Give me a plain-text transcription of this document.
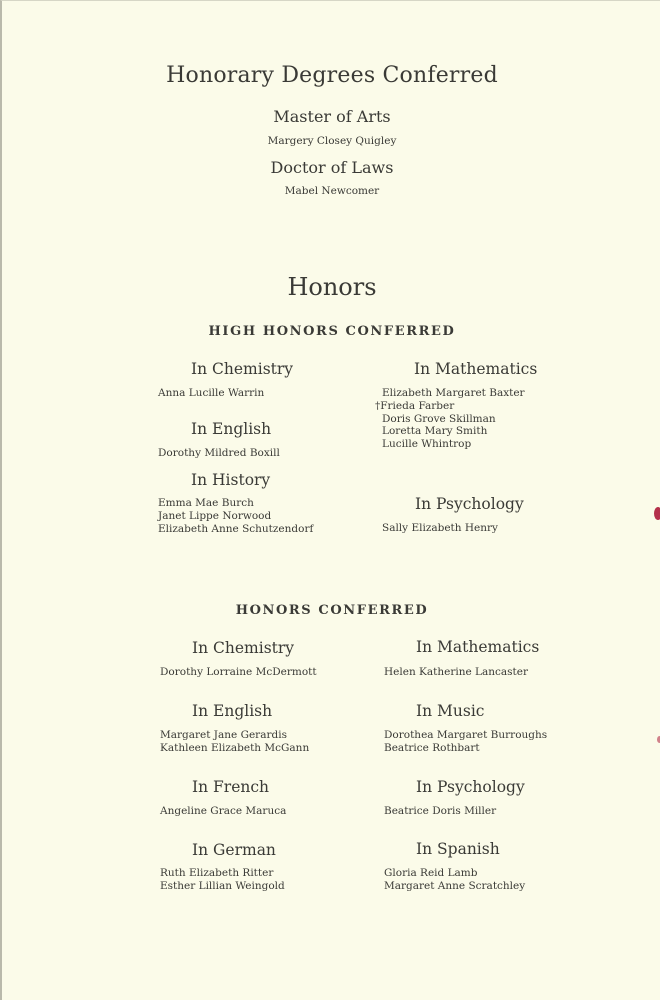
Honorary Degrees Conferred
Master of Arts
Margery Closey Quigley
Doctor of Laws
Mabel Newcomer
Honors
HIGH HONORS CONFERRED
In Chemistry
Anna Lucille Warrin
In English
Dorothy Mildred Boxill
In History
Emma Mae Burch
Janet Lippe Norwood
Elizabeth Anne Schutzendorf
In Mathematics
Elizabeth Margaret Baxter
†Frieda Farber
Doris Grove Skillman
Loretta Mary Smith
Lucille Whintrop
In Psychology
Sally Elizabeth Henry
HONORS CONFERRED
In Chemistry
Dorothy Lorraine McDermott
In English
Margaret Jane Gerardis
Kathleen Elizabeth McGann
In French
Angeline Grace Maruca
In German
Ruth Elizabeth Ritter
Esther Lillian Weingold
In Mathematics
Helen Katherine Lancaster
In Music
Dorothea Margaret Burroughs
Beatrice Rothbart
In Psychology
Beatrice Doris Miller
In Spanish
Gloria Reid Lamb
Margaret Anne Scratchley
